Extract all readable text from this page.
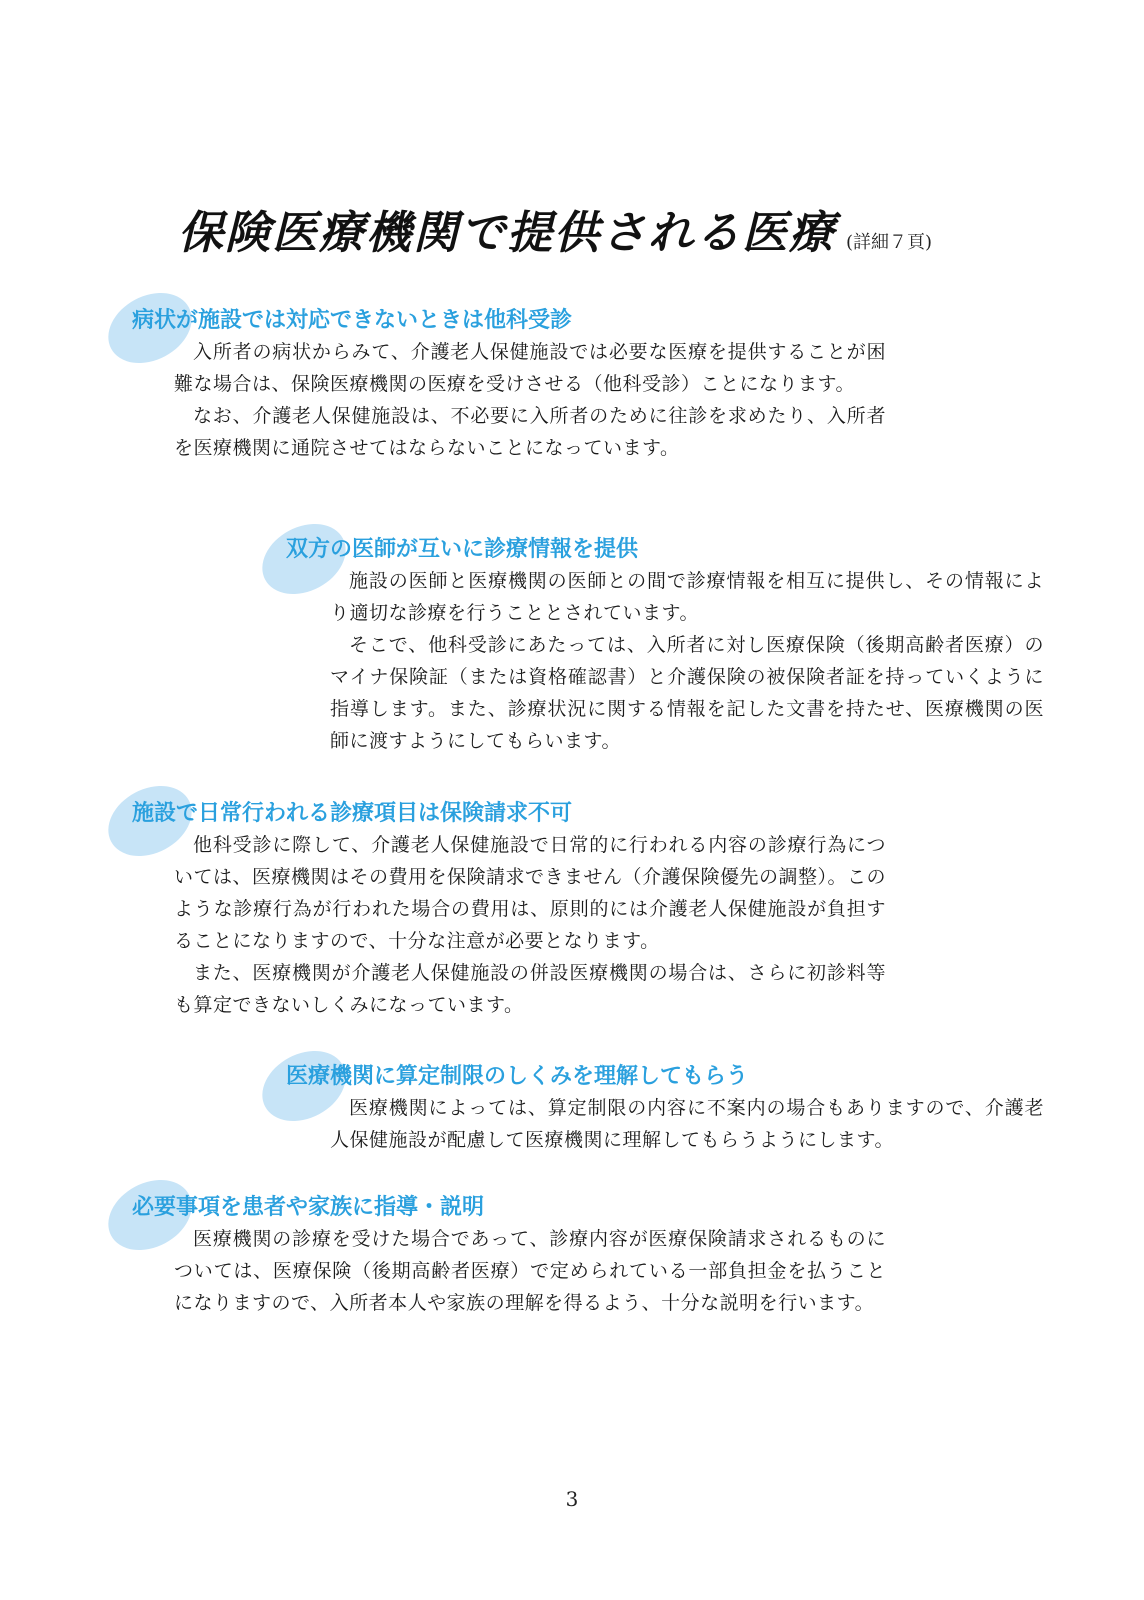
保険医療機関で提供される医療 (詳細７頁)
病状が施設では対応できないときは他科受診

入所者の病状からみて、介護老人保健施設では必要な医療を提供することが困難な場合は、保険医療機関の医療を受けさせる（他科受診）ことになります。

なお、介護老人保健施設は、不必要に入所者のために往診を求めたり、入所者を医療機関に通院させてはならないことになっています。

双方の医師が互いに診療情報を提供

施設の医師と医療機関の医師との間で診療情報を相互に提供し、その情報により適切な診療を行うこととされています。

そこで、他科受診にあたっては、入所者に対し医療保険（後期高齢者医療）のマイナ保険証（または資格確認書）と介護保険の被保険者証を持っていくように指導します。また、診療状況に関する情報を記した文書を持たせ、医療機関の医師に渡すようにしてもらいます。

施設で日常行われる診療項目は保険請求不可

他科受診に際して、介護老人保健施設で日常的に行われる内容の診療行為については、医療機関はその費用を保険請求できません（介護保険優先の調整）。このような診療行為が行われた場合の費用は、原則的には介護老人保健施設が負担することになりますので、十分な注意が必要となります。

また、医療機関が介護老人保健施設の併設医療機関の場合は、さらに初診料等も算定できないしくみになっています。

医療機関に算定制限のしくみを理解してもらう

医療機関によっては、算定制限の内容に不案内の場合もありますので、介護老人保健施設が配慮して医療機関に理解してもらうようにします。

必要事項を患者や家族に指導・説明

医療機関の診療を受けた場合であって、診療内容が医療保険請求されるものについては、医療保険（後期高齢者医療）で定められている一部負担金を払うことになりますので、入所者本人や家族の理解を得るよう、十分な説明を行います。

3
